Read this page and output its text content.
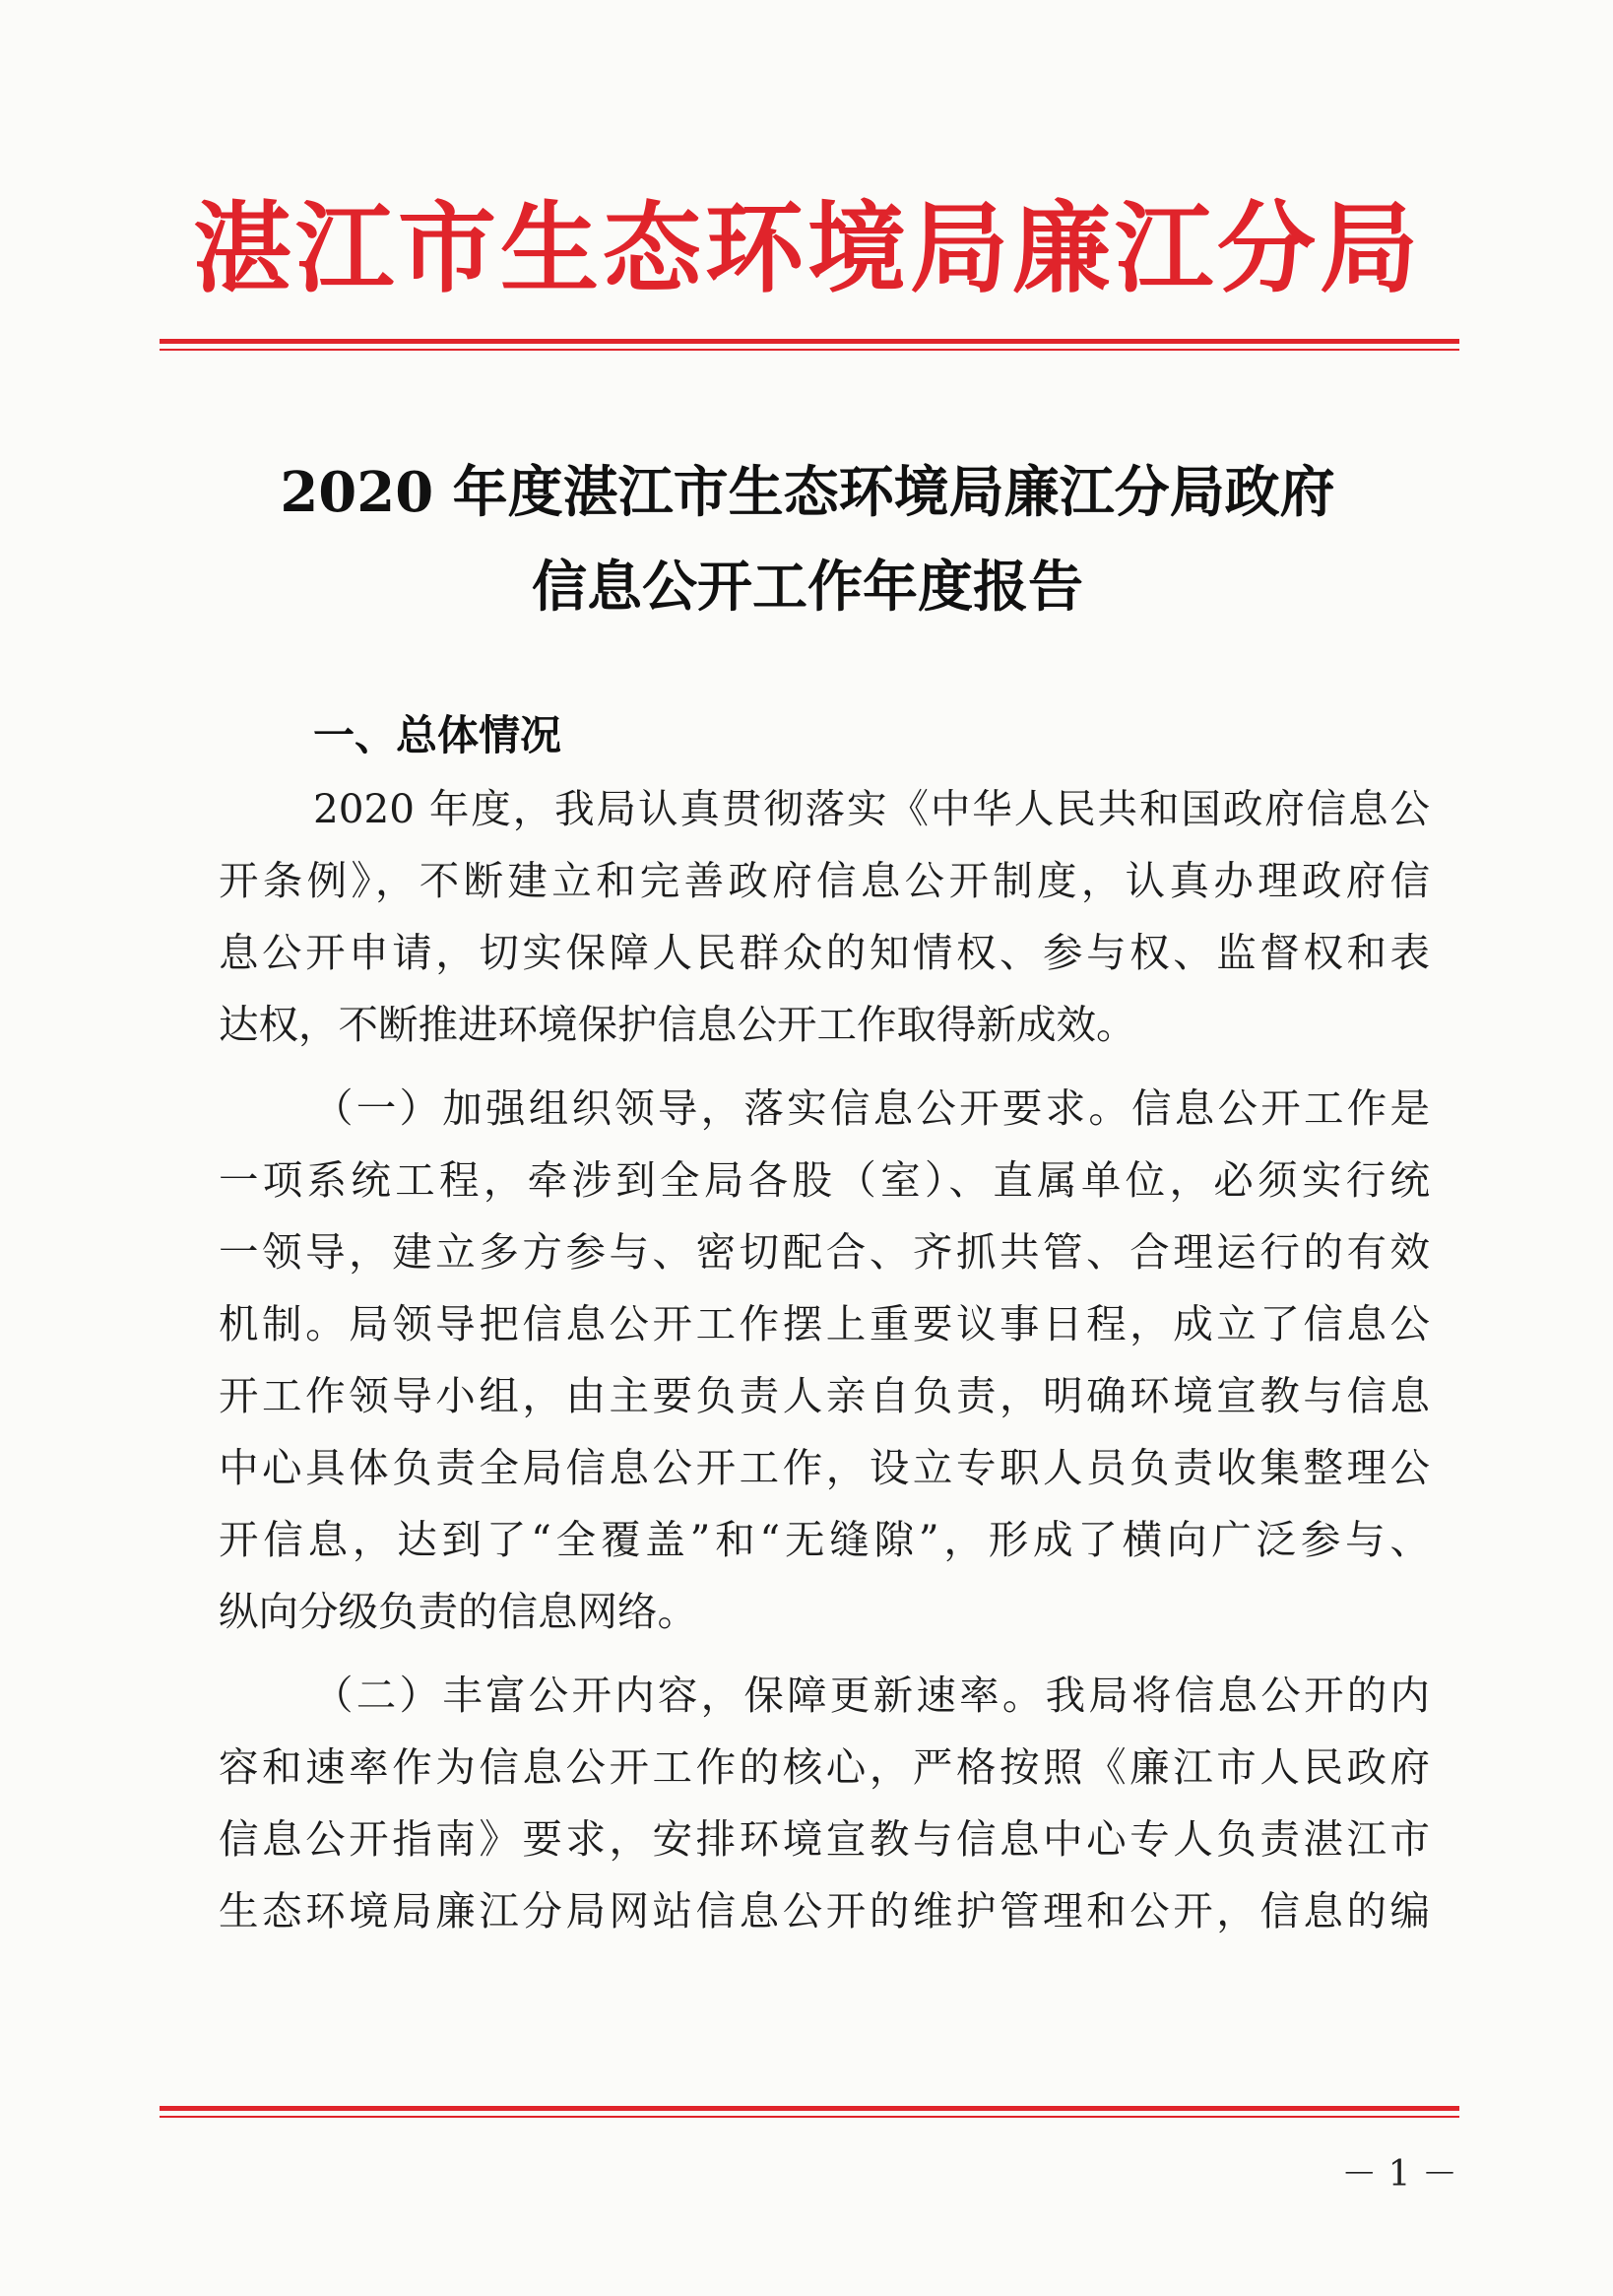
湛江市生态环境局廉江分局
2020 年度湛江市生态环境局廉江分局政府
信息公开工作年度报告
一、总体情况
2020 年度，我局认真贯彻落实《中华人民共和国政府信息公
开条例》，不断建立和完善政府信息公开制度，认真办理政府信
息公开申请，切实保障人民群众的知情权、参与权、监督权和表
达权，不断推进环境保护信息公开工作取得新成效。
（一）加强组织领导，落实信息公开要求。信息公开工作是
一项系统工程，牵涉到全局各股（室）、直属单位，必须实行统
一领导，建立多方参与、密切配合、齐抓共管、合理运行的有效
机制。局领导把信息公开工作摆上重要议事日程，成立了信息公
开工作领导小组，由主要负责人亲自负责，明确环境宣教与信息
中心具体负责全局信息公开工作，设立专职人员负责收集整理公
开信息，达到了“全覆盖”和“无缝隙”，形成了横向广泛参与、
纵向分级负责的信息网络。
（二）丰富公开内容，保障更新速率。我局将信息公开的内
容和速率作为信息公开工作的核心，严格按照《廉江市人民政府
信息公开指南》要求，安排环境宣教与信息中心专人负责湛江市
生态环境局廉江分局网站信息公开的维护管理和公开，信息的编
－ 1 －
